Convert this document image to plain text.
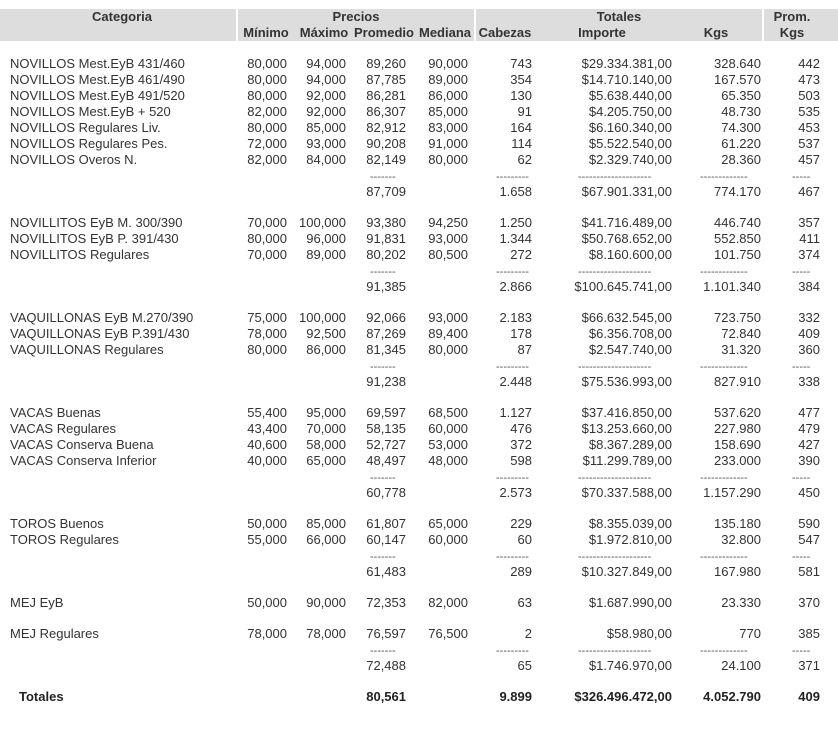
Categoria	Precios	Totales	Prom.
Mínimo Máximo Promedio Mediana Cabezas	Importe	Kgs	Kgs
NOVILLOS Mest.EyB 431/460	80,000 94,000 89,260 90,000	743	$29.334.381,00	328.640	442
NOVILLOS Mest.EyB 461/490	80,000 94,000 87,785 89,000	354	$14.710.140,00	167.570	473
NOVILLOS Mest.EyB 491/520	80,000 92,000 86,281 86,000	130	$5.638.440,00	65.350	503
NOVILLOS Mest.EyB + 520	82,000 92,000 86,307 85,000	91	$4.205.750,00	48.730	535
NOVILLOS Regulares Liv.	80,000 85,000 82,912 83,000	164	$6.160.340,00	74.300	453
NOVILLOS Regulares Pes.	72,000 93,000 90,208 91,000	114	$5.522.540,00	61.220	537
NOVILLOS Overos N.	82,000 84,000 82,149 80,000	62	$2.329.740,00	28.360	457
-------	---------	--------------------	-------------	-----
87,709	1.658	$67.901.331,00	774.170	467
NOVILLITOS EyB M. 300/390	70,000 100,000 93,380 94,250 1.250	$41.716.489,00	446.740	357
NOVILLITOS EyB P. 391/430	80,000 96,000 91,831 93,000 1.344	$50.768.652,00	552.850	411
NOVILLITOS Regulares	70,000 89,000 80,202 80,500	272	$8.160.600,00	101.750	374
-------	---------	--------------------	-------------	-----
91,385	2.866	$100.645.741,00 1.101.340	384
VAQUILLONAS EyB M.270/390	75,000 100,000 92,066 93,000 2.183	$66.632.545,00	723.750	332
VAQUILLONAS EyB P.391/430	78,000 92,500 87,269 89,400	178	$6.356.708,00	72.840	409
VAQUILLONAS Regulares	80,000 86,000 81,345 80,000	87	$2.547.740,00	31.320	360
-------	---------	--------------------	-------------	-----
91,238	2.448	$75.536.993,00	827.910	338
VACAS Buenas	55,400 95,000 69,597 68,500 1.127	$37.416.850,00	537.620	477
VACAS Regulares	43,400 70,000 58,135 60,000	476	$13.253.660,00	227.980	479
VACAS Conserva Buena	40,600 58,000 52,727 53,000	372	$8.367.289,00	158.690	427
VACAS Conserva Inferior	40,000 65,000 48,497 48,000	598	$11.299.789,00	233.000	390
-------	---------	--------------------	-------------	-----
60,778	2.573	$70.337.588,00 1.157.290	450
TOROS Buenos	50,000 85,000 61,807 65,000	229	$8.355.039,00	135.180	590
TOROS Regulares	55,000 66,000 60,147 60,000	60	$1.972.810,00	32.800	547
-------	---------	--------------------	-------------	-----
61,483	289	$10.327.849,00	167.980	581
MEJ EyB	50,000 90,000 72,353 82,000	63	$1.687.990,00	23.330	370
MEJ Regulares	78,000 78,000 76,597 76,500	2	$58.980,00	770	385
-------	---------	--------------------	-------------	-----
72,488	65	$1.746.970,00	24.100	371
Totales	80,561	9.899	$326.496.472,00 4.052.790	409
